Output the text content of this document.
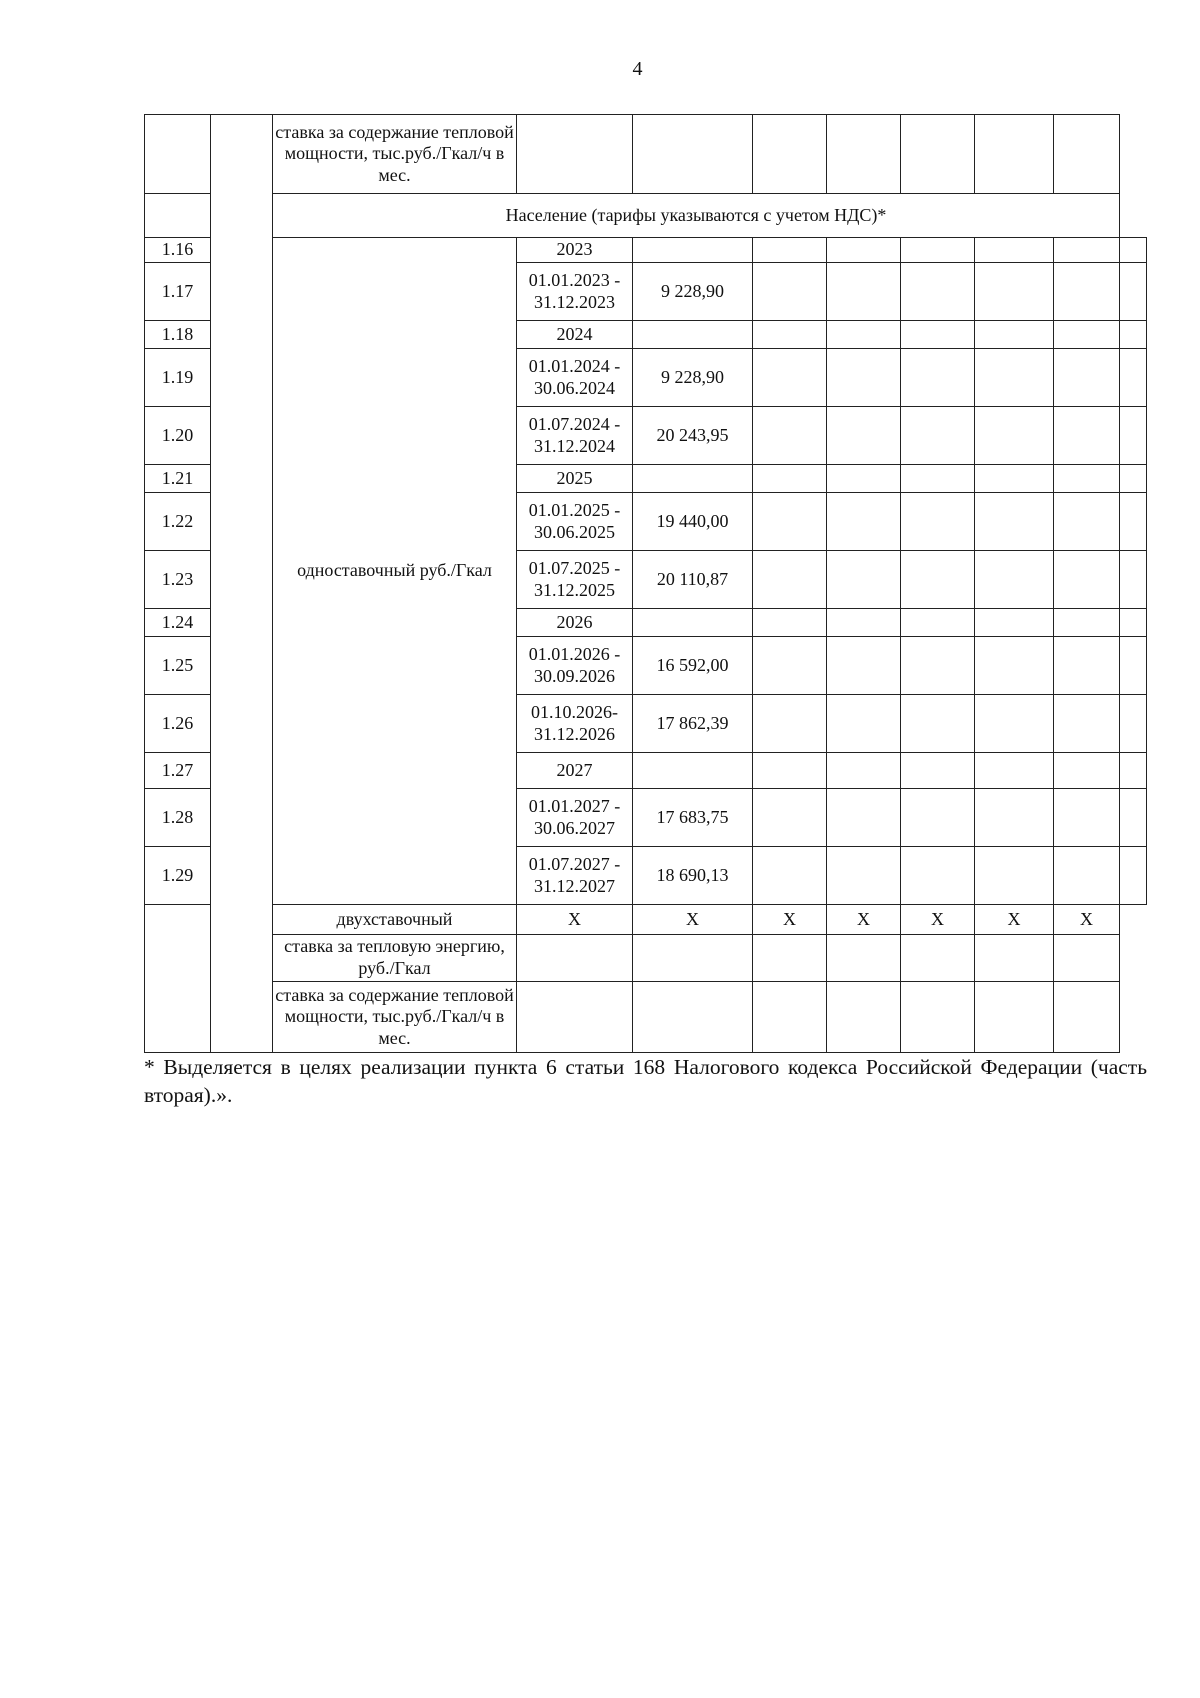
4
		ставка за содержание тепловой мощности, тыс.руб./Гкал/ч в мес.								
		Население (тарифы указываются с учетом НДС)*								
1.16		одноставочный руб./Гкал	2023							
1.17			01.01.2023 - 31.12.2023	9 228,90						
1.18			2024							
1.19			01.01.2024 - 30.06.2024	9 228,90						
1.20			01.07.2024 - 31.12.2024	20 243,95						
1.21			2025							
1.22			01.01.2025 - 30.06.2025	19 440,00						
1.23			01.07.2025 - 31.12.2025	20 110,87						
1.24			2026							
1.25			01.01.2026 - 30.09.2026	16 592,00						
1.26			01.10.2026- 31.12.2026	17 862,39						
1.27			2027							
1.28			01.01.2027 - 30.06.2027	17 683,75						
1.29			01.07.2027 - 31.12.2027	18 690,13						
		двухставочный	X	X	X	X	X	X	X	
		ставка за тепловую энергию, руб./Гкал								
		ставка за содержание тепловой мощности, тыс.руб./Гкал/ч в мес.								
* Выделяется в целях реализации пункта 6 статьи 168 Налогового кодекса Российской Федерации (часть вторая).».
